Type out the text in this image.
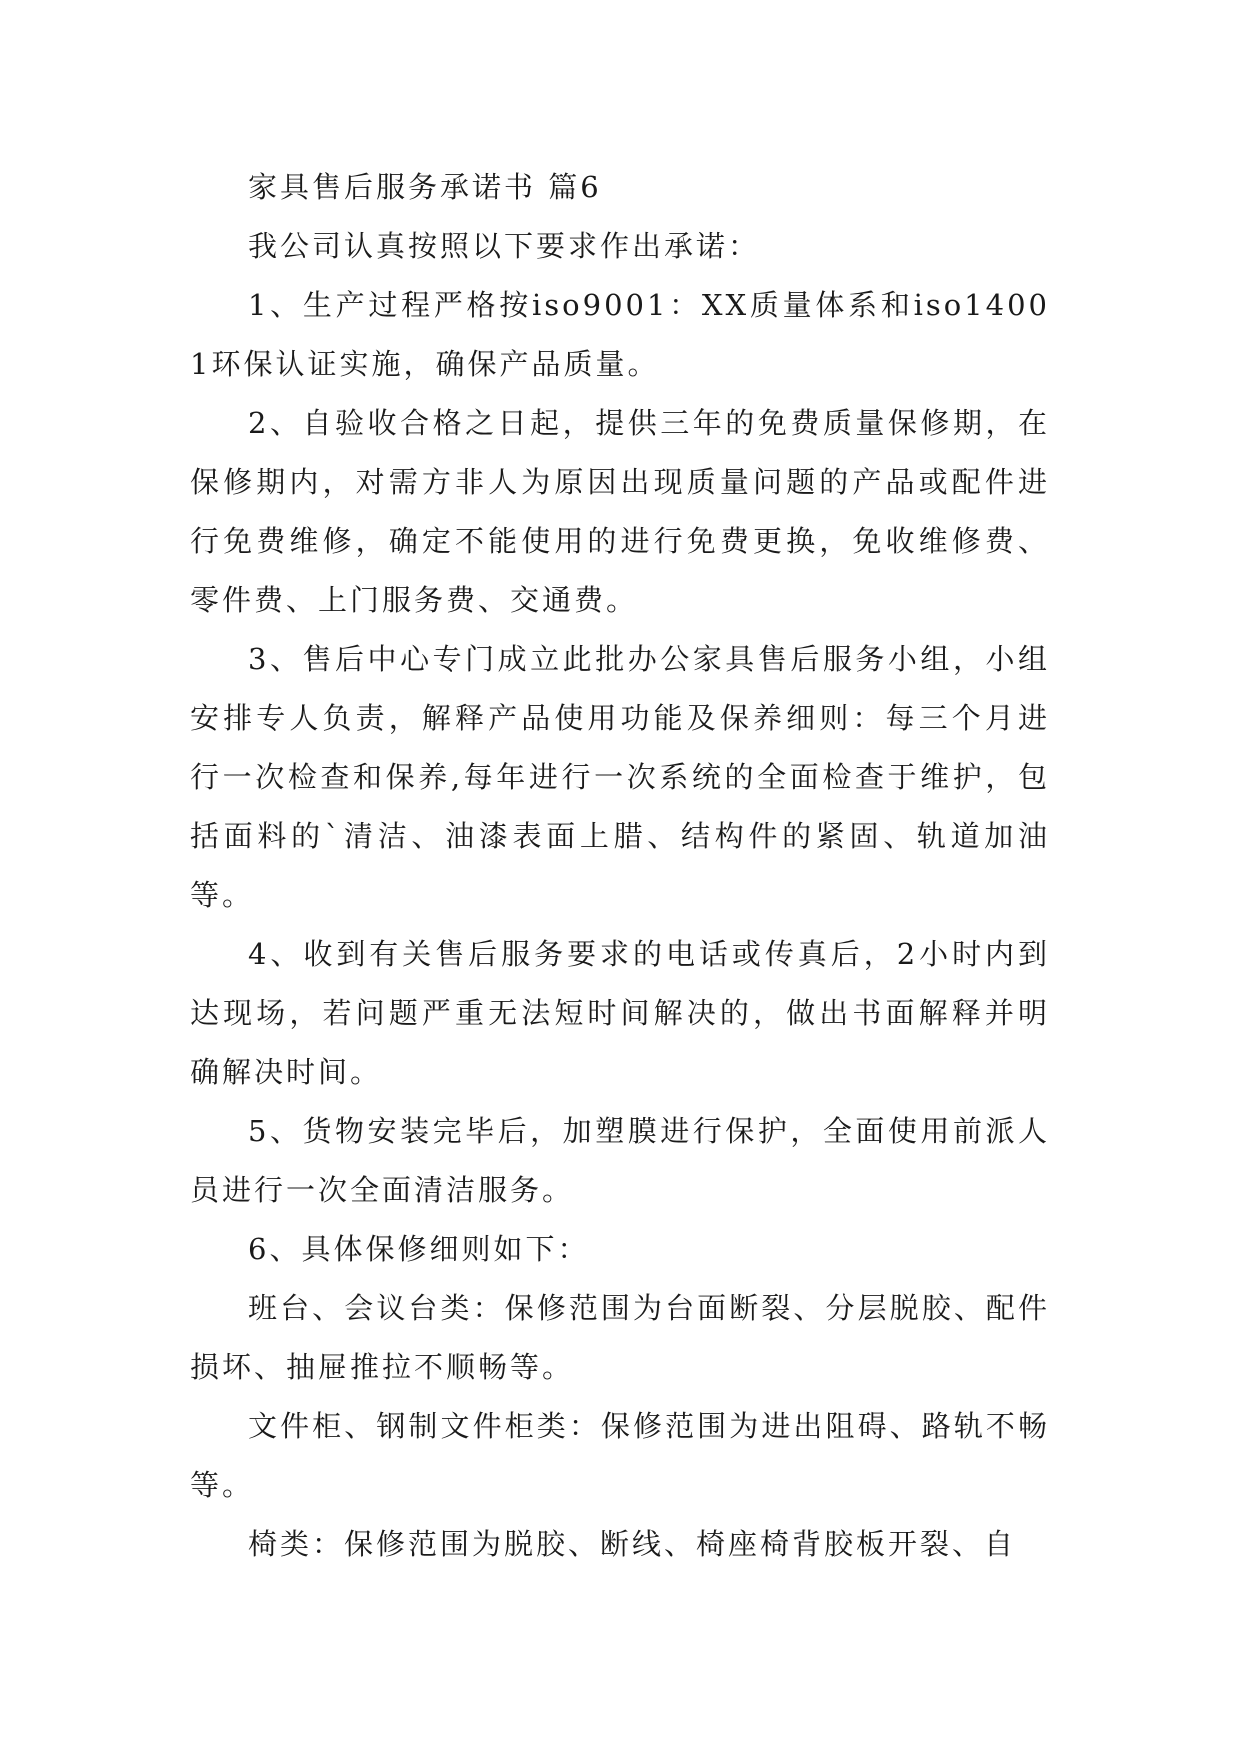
家具售后服务承诺书 篇6

我公司认真按照以下要求作出承诺：

1、生产过程严格按iso9001：XX质量体系和iso14001环保认证实施，确保产品质量。

2、自验收合格之日起，提供三年的免费质量保修期，在保修期内，对需方非人为原因出现质量问题的产品或配件进行免费维修，确定不能使用的进行免费更换，免收维修费、零件费、上门服务费、交通费。

3、售后中心专门成立此批办公家具售后服务小组，小组安排专人负责，解释产品使用功能及保养细则：每三个月进行一次检查和保养,每年进行一次系统的全面检查于维护，包括面料的`清洁、油漆表面上腊、结构件的紧固、轨道加油等。

4、收到有关售后服务要求的电话或传真后，2小时内到达现场，若问题严重无法短时间解决的，做出书面解释并明确解决时间。

5、货物安装完毕后，加塑膜进行保护，全面使用前派人员进行一次全面清洁服务。

6、具体保修细则如下：

班台、会议台类：保修范围为台面断裂、分层脱胶、配件损坏、抽屉推拉不顺畅等。

文件柜、钢制文件柜类：保修范围为进出阻碍、路轨不畅等。

椅类：保修范围为脱胶、断线、椅座椅背胶板开裂、自
